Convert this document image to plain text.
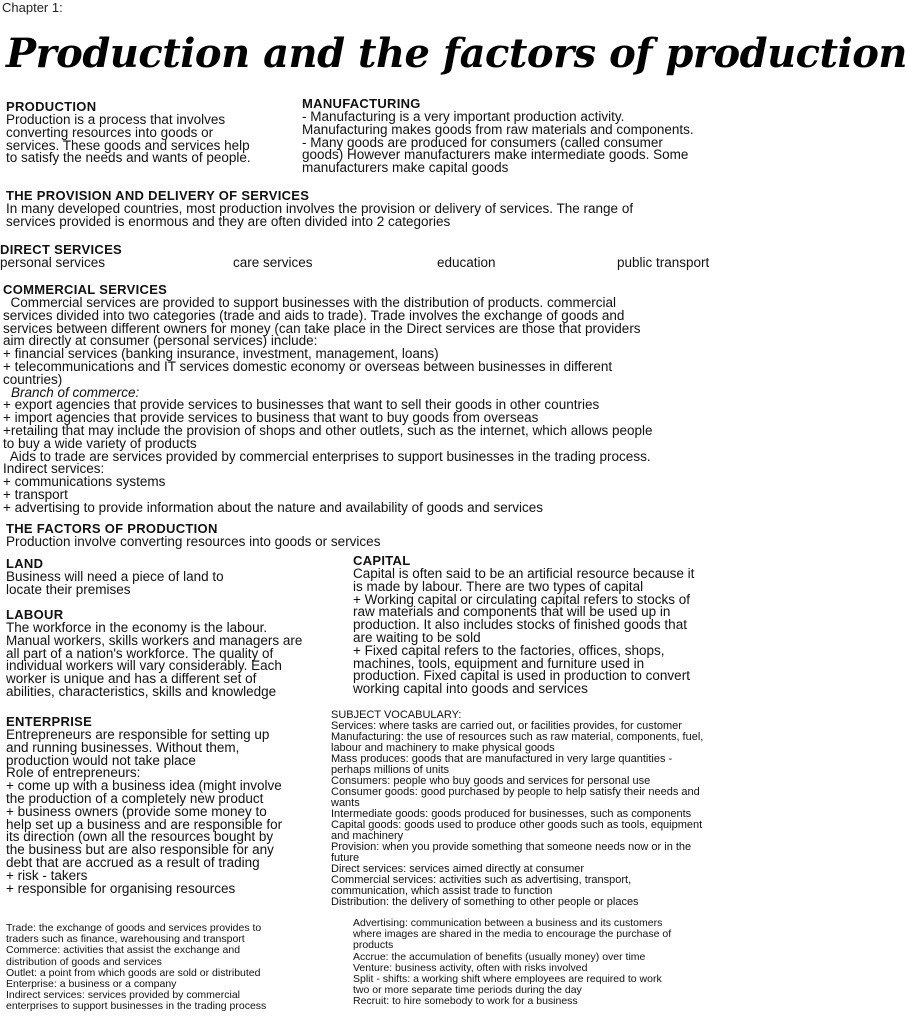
Chapter 1:
Production and the factors of production
PRODUCTION
Production is a process that involves
converting resources into goods or
services. These goods and services help
to satisfy the needs and wants of people.
MANUFACTURING
- Manufacturing is a very important production activity.
Manufacturing makes goods from raw materials and components.
- Many goods are produced for consumers (called consumer
goods) However manufacturers make intermediate goods. Some
manufacturers make capital goods
THE PROVISION AND DELIVERY OF SERVICES
In many developed countries, most production involves the provision or delivery of services. The range of
services provided is enormous and they are often divided into 2 categories
DIRECT SERVICES
personal services	care services	education	public transport
COMMERCIAL SERVICES
Commercial services are provided to support businesses with the distribution of products. commercial
services divided into two categories (trade and aids to trade). Trade involves the exchange of goods and
services between different owners for money (can take place in the Direct services are those that providers
aim directly at consumer (personal services) include:
+ financial services (banking insurance, investment, management, loans)
+ telecommunications and IT services domestic economy or overseas between businesses in different
countries)
Branch of commerce:
+ export agencies that provide services to businesses that want to sell their goods in other countries
+ import agencies that provide services to business that want to buy goods from overseas
+retailing that may include the provision of shops and other outlets, such as the internet, which allows people
to buy a wide variety of products
Aids to trade are services provided by commercial enterprises to support businesses in the trading process.
Indirect services:
+ communications systems
+ transport
+ advertising to provide information about the nature and availability of goods and services
THE FACTORS OF PRODUCTION
Production involve converting resources into goods or services
LAND
Business will need a piece of land to
locate their premises
LABOUR
The workforce in the economy is the labour.
Manual workers, skills workers and managers are
all part of a nation's workforce. The quality of
individual workers will vary considerably. Each
worker is unique and has a different set of
abilities, characteristics, skills and knowledge
CAPITAL
Capital is often said to be an artificial resource because it
is made by labour. There are two types of capital
+ Working capital or circulating capital refers to stocks of
raw materials and components that will be used up in
production. It also includes stocks of finished goods that
are waiting to be sold
+ Fixed capital refers to the factories, offices, shops,
machines, tools, equipment and furniture used in
production. Fixed capital is used in production to convert
working capital into goods and services
ENTERPRISE
Entrepreneurs are responsible for setting up
and running businesses. Without them,
production would not take place
Role of entrepreneurs:
+ come up with a business idea (might involve
the production of a completely new product
+ business owners (provide some money to
help set up a business and are responsible for
its direction (own all the resources bought by
the business but are also responsible for any
debt that are accrued as a result of trading
+ risk - takers
+ responsible for organising resources
SUBJECT VOCABULARY:
Services: where tasks are carried out, or facilities provides, for customer
Manufacturing: the use of resources such as raw material, components, fuel,
labour and machinery to make physical goods
Mass produces: goods that are manufactured in very large quantities -
perhaps millions of units
Consumers: people who buy goods and services for personal use
Consumer goods: good purchased by people to help satisfy their needs and
wants
Intermediate goods: goods produced for businesses, such as components
Capital goods: goods used to produce other goods such as tools, equipment
and machinery
Provision: when you provide something that someone needs now or in the
future
Direct services: services aimed directly at consumer
Commercial services: activities such as advertising, transport,
communication, which assist trade to function
Distribution: the delivery of something to other people or places
Trade: the exchange of goods and services provides to
traders such as finance, warehousing and transport
Commerce: activities that assist the exchange and
distribution of goods and services
Outlet: a point from which goods are sold or distributed
Enterprise: a business or a company
Indirect services: services provided by commercial
enterprises to support businesses in the trading process
Advertising: communication between a business and its customers
where images are shared in the media to encourage the purchase of
products
Accrue: the accumulation of benefits (usually money) over time
Venture: business activity, often with risks involved
Split - shifts: a working shift where employees are required to work
two or more separate time periods during the day
Recruit: to hire somebody to work for a business
